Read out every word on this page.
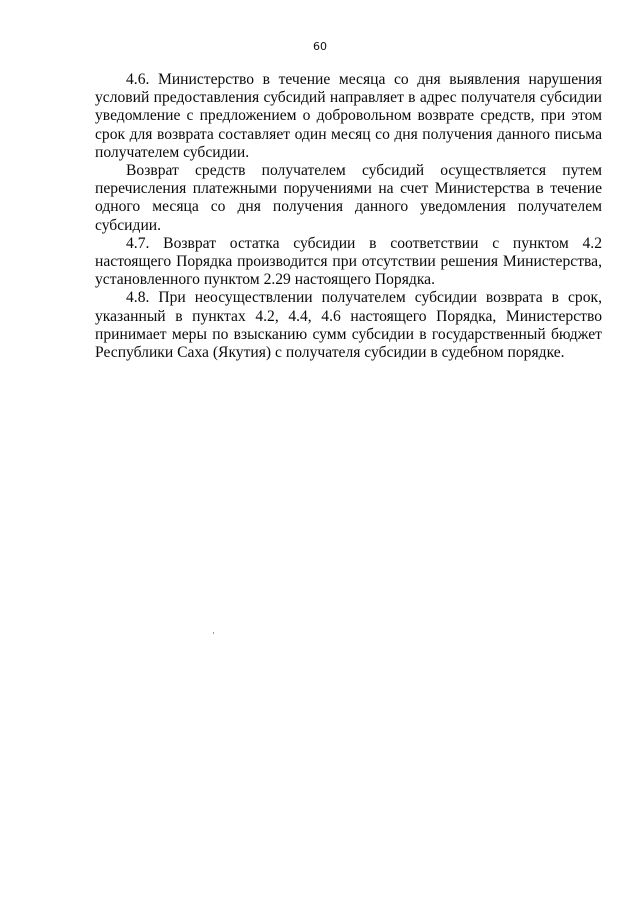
60

4.6. Министерство в течение месяца со дня выявления нарушения условий предоставления субсидий направляет в адрес получателя субсидии уведомление с предложением о добровольном возврате средств, при этом срок для возврата составляет один месяц со дня получения данного письма получателем субсидии.

Возврат средств получателем субсидий осуществляется путем перечисления платежными поручениями на счет Министерства в течение одного месяца со дня получения данного уведомления получателем субсидии.

4.7. Возврат остатка субсидии в соответствии с пунктом 4.2 настоящего Порядка производится при отсутствии решения Министерства, установленного пунктом 2.29 настоящего Порядка.

4.8. При неосуществлении получателем субсидии возврата в срок, указанный в пунктах 4.2, 4.4, 4.6 настоящего Порядка, Министерство принимает меры по взысканию сумм субсидии в государственный бюджет Республики Саха (Якутия) с получателя субсидии в судебном порядке.
